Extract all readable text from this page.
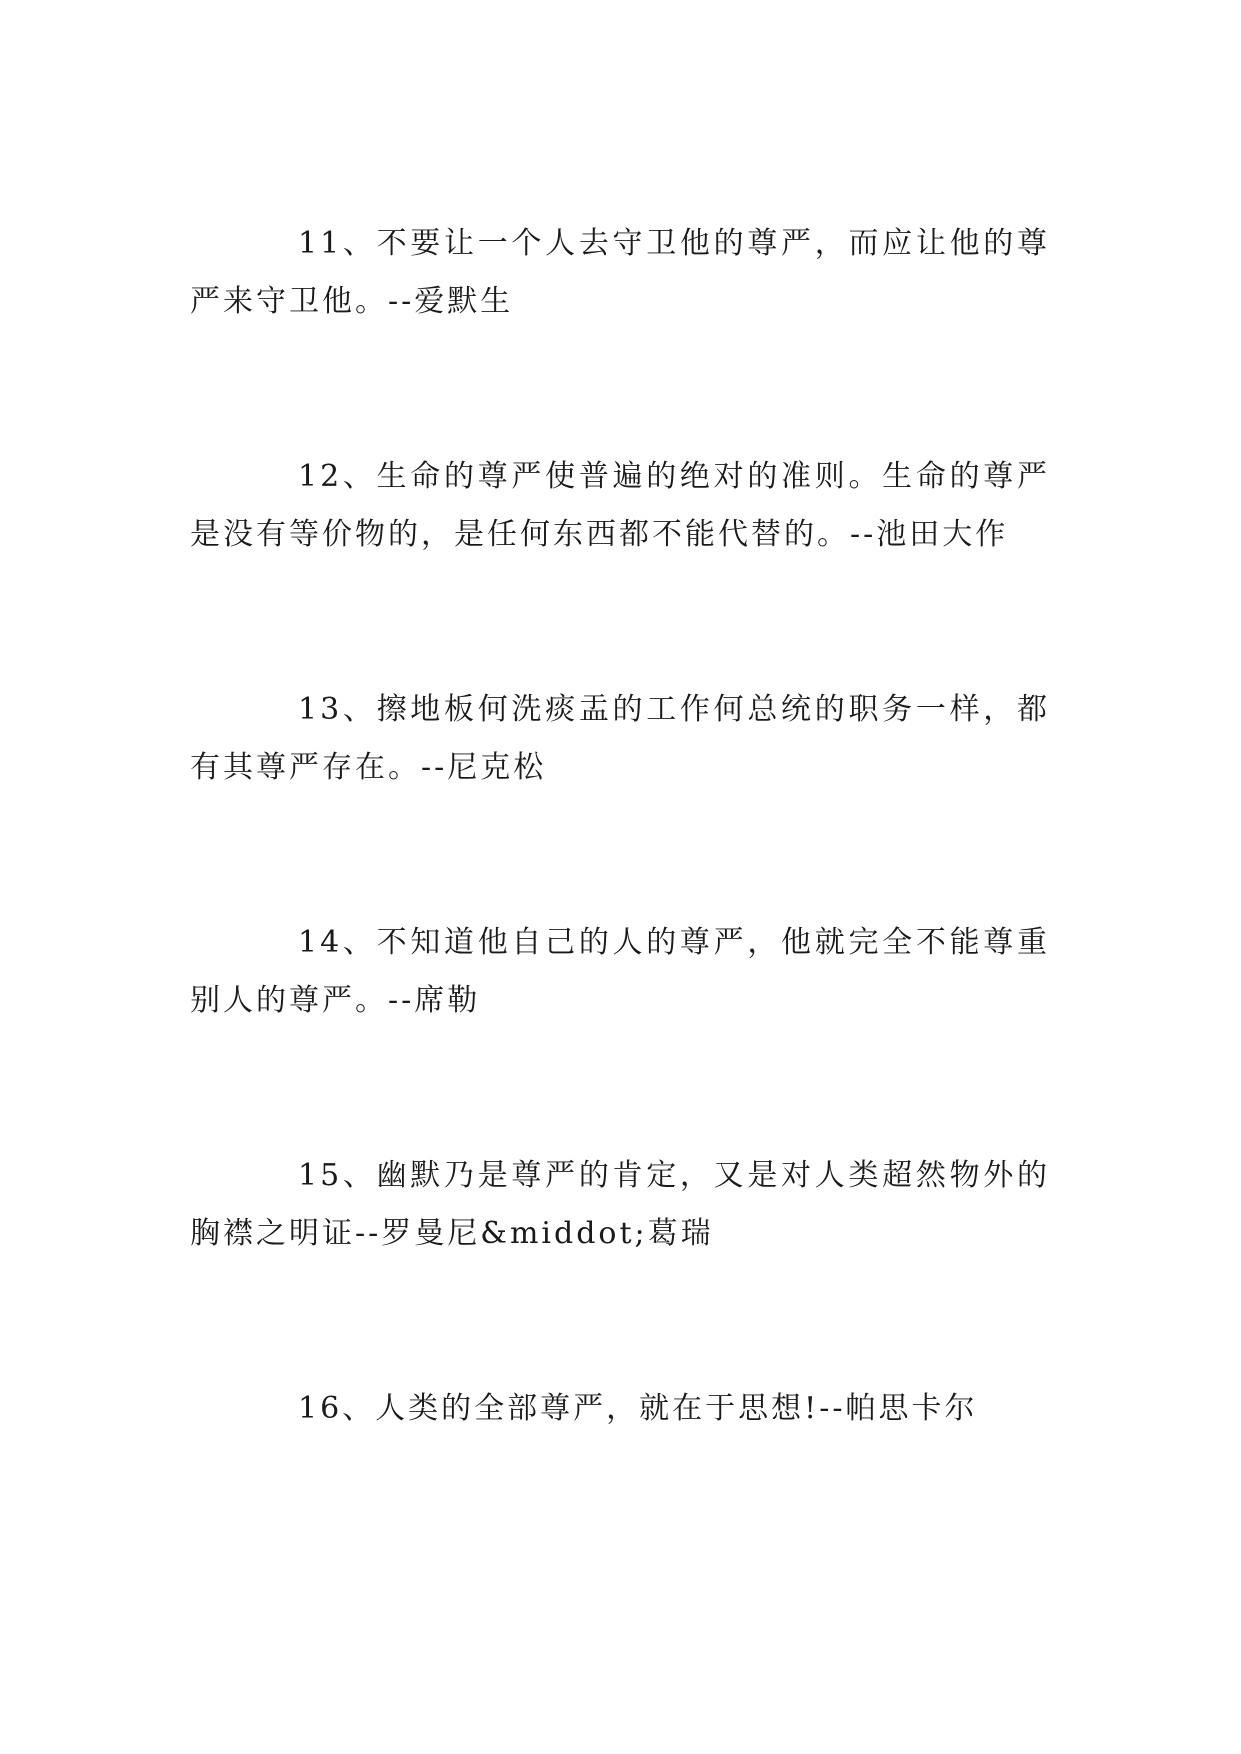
11、不要让一个人去守卫他的尊严，而应让他的尊严来守卫他。--爱默生

12、生命的尊严使普遍的绝对的准则。生命的尊严是没有等价物的，是任何东西都不能代替的。--池田大作

13、擦地板何洗痰盂的工作何总统的职务一样，都有其尊严存在。--尼克松

14、不知道他自己的人的尊严，他就完全不能尊重别人的尊严。--席勒

15、幽默乃是尊严的肯定，又是对人类超然物外的胸襟之明证--罗曼尼&middot;葛瑞

16、人类的全部尊严，就在于思想!--帕思卡尔
